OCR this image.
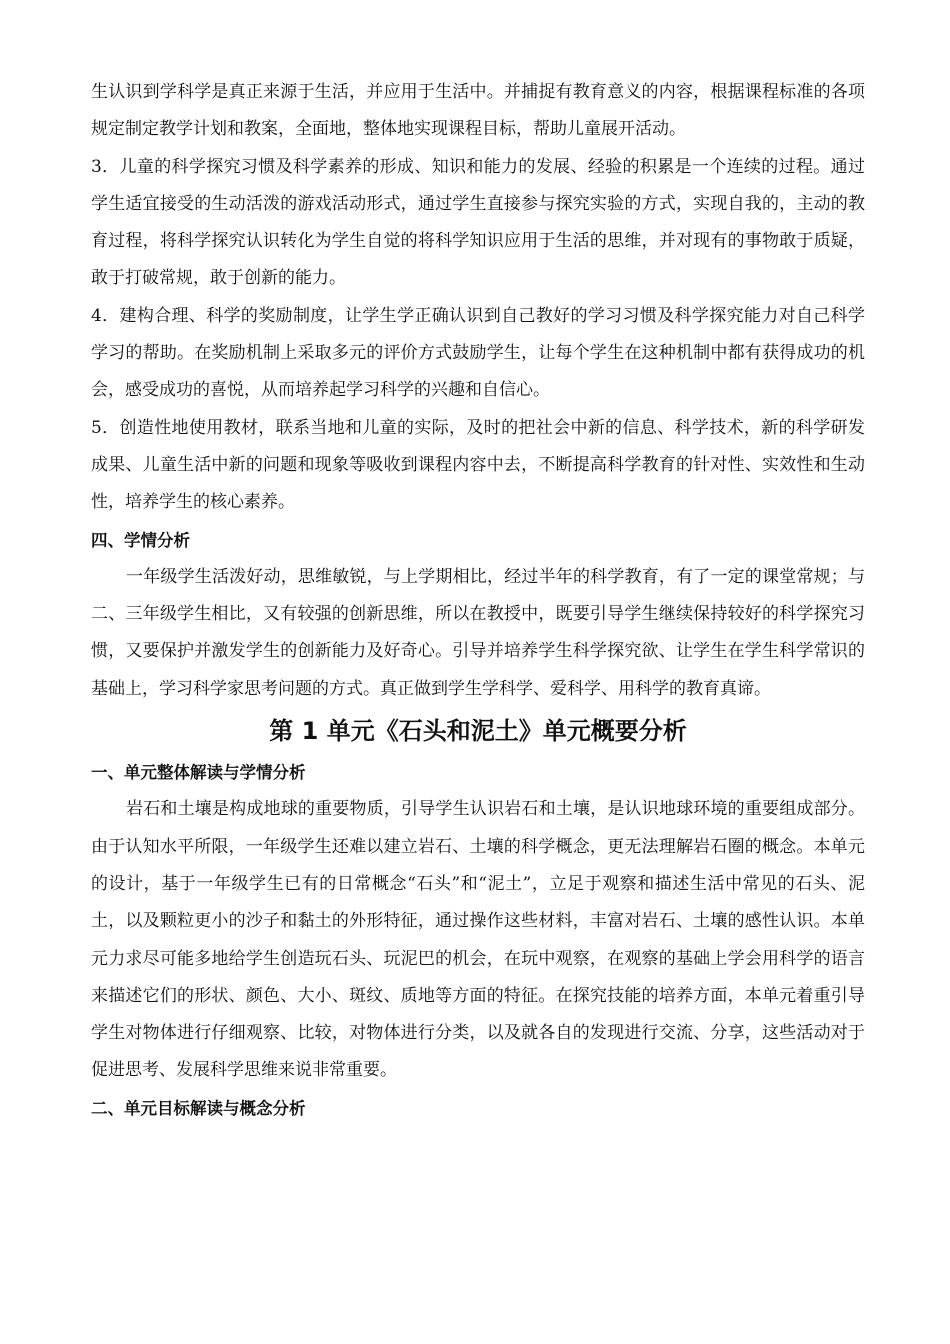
生认识到学科学是真正来源于生活，并应用于生活中。并捕捉有教育意义的内容，根据课程标准的各项规定制定教学计划和教案，全面地，整体地实现课程目标，帮助儿童展开活动。

3．儿童的科学探究习惯及科学素养的形成、知识和能力的发展、经验的积累是一个连续的过程。通过学生适宜接受的生动活泼的游戏活动形式，通过学生直接参与探究实验的方式，实现自我的，主动的教育过程，将科学探究认识转化为学生自觉的将科学知识应用于生活的思维，并对现有的事物敢于质疑，敢于打破常规，敢于创新的能力。

4．建构合理、科学的奖励制度，让学生学正确认识到自己教好的学习习惯及科学探究能力对自己科学学习的帮助。在奖励机制上采取多元的评价方式鼓励学生，让每个学生在这种机制中都有获得成功的机会，感受成功的喜悦，从而培养起学习科学的兴趣和自信心。

5．创造性地使用教材，联系当地和儿童的实际，及时的把社会中新的信息、科学技术，新的科学研发成果、儿童生活中新的问题和现象等吸收到课程内容中去，不断提高科学教育的针对性、实效性和生动性，培养学生的核心素养。

四、学情分析

一年级学生活泼好动，思维敏锐，与上学期相比，经过半年的科学教育，有了一定的课堂常规；与二、三年级学生相比，又有较强的创新思维，所以在教授中，既要引导学生继续保持较好的科学探究习惯，又要保护并激发学生的创新能力及好奇心。引导并培养学生科学探究欲、让学生在学生科学常识的基础上，学习科学家思考问题的方式。真正做到学生学科学、爱科学、用科学的教育真谛。

第 1 单元《石头和泥土》单元概要分析
一、单元整体解读与学情分析

岩石和土壤是构成地球的重要物质，引导学生认识岩石和土壤，是认识地球环境的重要组成部分。由于认知水平所限，一年级学生还难以建立岩石、土壤的科学概念，更无法理解岩石圈的概念。本单元的设计，基于一年级学生已有的日常概念“石头”和“泥土”，立足于观察和描述生活中常见的石头、泥土，以及颗粒更小的沙子和黏土的外形特征，通过操作这些材料，丰富对岩石、土壤的感性认识。本单元力求尽可能多地给学生创造玩石头、玩泥巴的机会，在玩中观察，在观察的基础上学会用科学的语言来描述它们的形状、颜色、大小、斑纹、质地等方面的特征。在探究技能的培养方面，本单元着重引导学生对物体进行仔细观察、比较，对物体进行分类，以及就各自的发现进行交流、分享，这些活动对于促进思考、发展科学思维来说非常重要。

二、单元目标解读与概念分析
